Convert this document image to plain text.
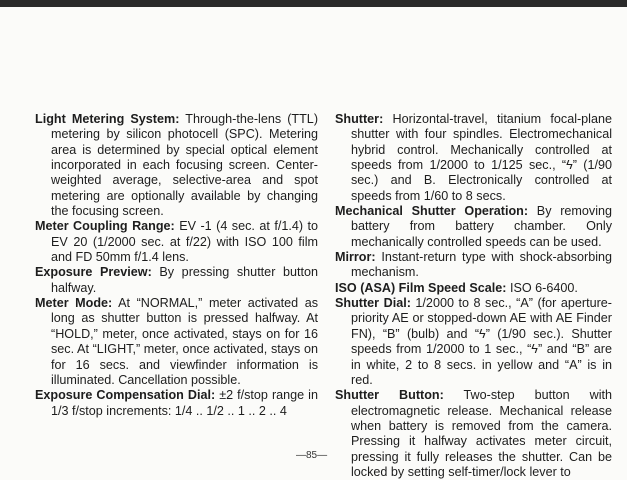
Light Metering System: Through-the-lens (TTL) metering by silicon photocell (SPC). Metering area is determined by special optical element incorporated in each focusing screen. Center-weighted average, selective-area and spot metering are optionally available by changing the focusing screen.

Meter Coupling Range: EV -1 (4 sec. at f/1.4) to EV 20 (1/2000 sec. at f/22) with ISO 100 film and FD 50mm f/1.4 lens.

Exposure Preview: By pressing shutter button halfway.

Meter Mode: At “NORMAL,” meter activated as long as shutter button is pressed halfway. At “HOLD,” meter, once activated, stays on for 16 sec. At “LIGHT,” meter, once activated, stays on for 16 secs. and viewfinder information is illuminated. Cancellation possible.

Exposure Compensation Dial: ±2 f/stop range in 1/3 f/stop increments: 1/4 .. 1/2 .. 1 .. 2 .. 4

Shutter: Horizontal-travel, titanium focal-plane shutter with four spindles. Electromechanical hybrid control. Mechanically controlled at speeds from 1/2000 to 1/125 sec., “ϟ” (1/90 sec.) and B. Electronically controlled at speeds from 1/60 to 8 secs.

Mechanical Shutter Operation: By removing battery from battery chamber. Only mechanically controlled speeds can be used.

Mirror: Instant-return type with shock-absorbing mechanism.

ISO (ASA) Film Speed Scale: ISO 6-6400.

Shutter Dial: 1/2000 to 8 sec., “A” (for aperture-priority AE or stopped-down AE with AE Finder FN), “B” (bulb) and “ϟ” (1/90 sec.). Shutter speeds from 1/2000 to 1 sec., “ϟ” and “B” are in white, 2 to 8 secs. in yellow and “A” is in red.

Shutter Button: Two-step button with electromagnetic release. Mechanical release when battery is removed from the camera. Pressing it halfway activates meter circuit, pressing it fully releases the shutter. Can be locked by setting self-timer/lock lever to

—85—
